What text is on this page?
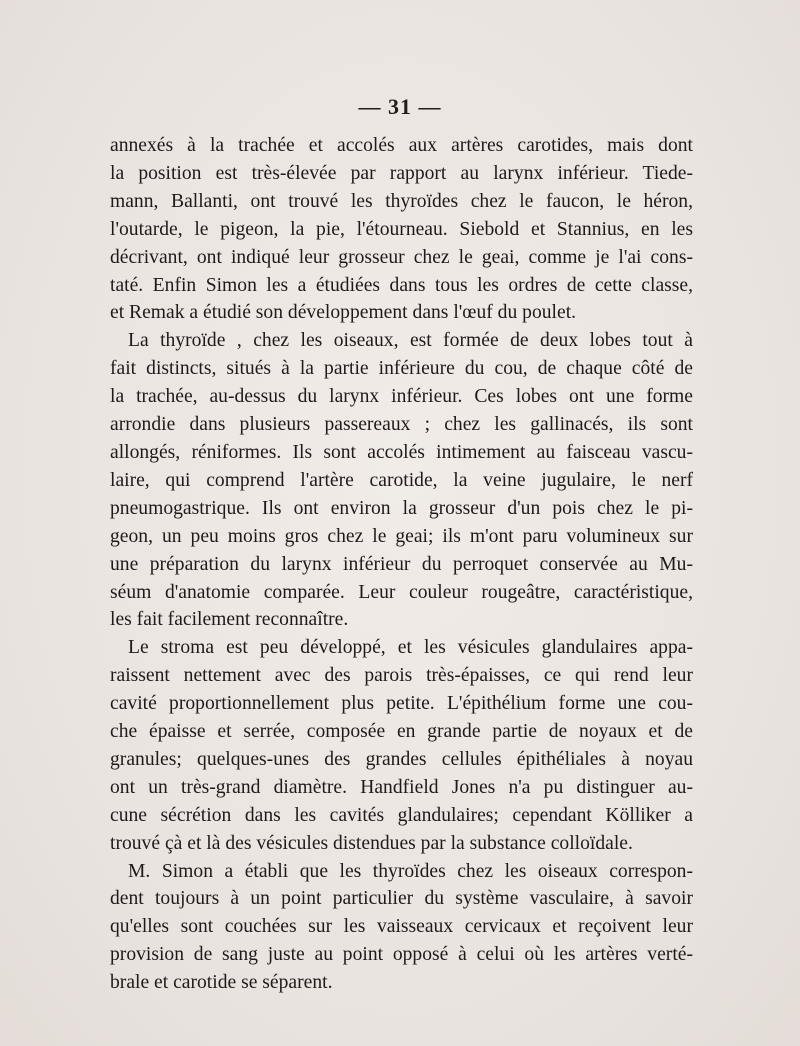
— 31 —

annexés à la trachée et accolés aux artères carotides, mais dont
la position est très-élevée par rapport au larynx inférieur. Tiede-
mann, Ballanti, ont trouvé les thyroïdes chez le faucon, le héron,
l'outarde, le pigeon, la pie, l'étourneau. Siebold et Stannius, en les
décrivant, ont indiqué leur grosseur chez le geai, comme je l'ai cons-
taté. Enfin Simon les a étudiées dans tous les ordres de cette classe,
et Remak a étudié son développement dans l'œuf du poulet.

La thyroïde , chez les oiseaux, est formée de deux lobes tout à
fait distincts, situés à la partie inférieure du cou, de chaque côté de
la trachée, au-dessus du larynx inférieur. Ces lobes ont une forme
arrondie dans plusieurs passereaux ; chez les gallinacés, ils sont
allongés, réniformes. Ils sont accolés intimement au faisceau vascu-
laire, qui comprend l'artère carotide, la veine jugulaire, le nerf
pneumogastrique. Ils ont environ la grosseur d'un pois chez le pi-
geon, un peu moins gros chez le geai; ils m'ont paru volumineux sur
une préparation du larynx inférieur du perroquet conservée au Mu-
séum d'anatomie comparée. Leur couleur rougeâtre, caractéristique,
les fait facilement reconnaître.

Le stroma est peu développé, et les vésicules glandulaires appa-
raissent nettement avec des parois très-épaisses, ce qui rend leur
cavité proportionnellement plus petite. L'épithélium forme une cou-
che épaisse et serrée, composée en grande partie de noyaux et de
granules; quelques-unes des grandes cellules épithéliales à noyau
ont un très-grand diamètre. Handfield Jones n'a pu distinguer au-
cune sécrétion dans les cavités glandulaires; cependant Kölliker a
trouvé çà et là des vésicules distendues par la substance colloïdale.

M. Simon a établi que les thyroïdes chez les oiseaux correspon-
dent toujours à un point particulier du système vasculaire, à savoir
qu'elles sont couchées sur les vaisseaux cervicaux et reçoivent leur
provision de sang juste au point opposé à celui où les artères verté-
brale et carotide se séparent.
